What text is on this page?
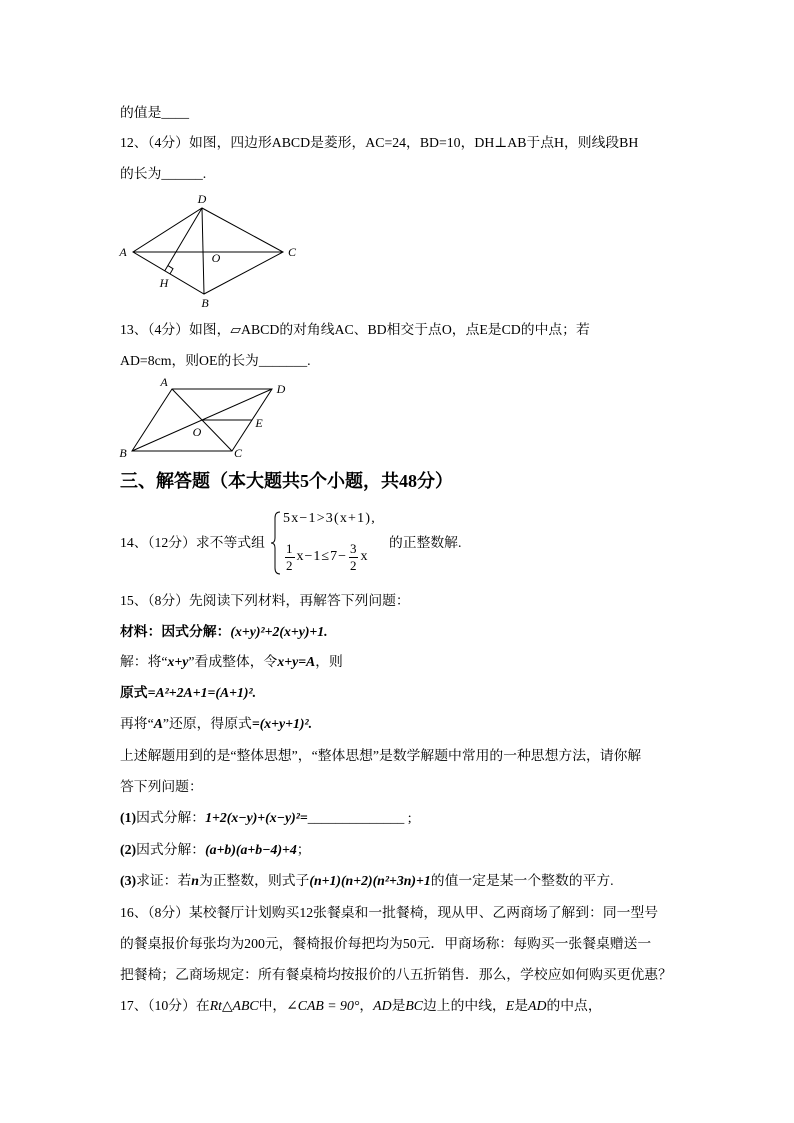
的值是____
12、（4分）如图，四边形ABCD是菱形，AC=24，BD=10，DH⊥AB于点H，则线段BH
的长为______.
D
A	O	C
H
B
13、（4分）如图，▱ABCD的对角线AC、BD相交于点O，点E是CD的中点；若
AD=8cm，则OE的长为_______.
A	D
O
E
B	C
三、解答题（本大题共5个小题，共48分）
14、（12分）求不等式组
5x−1>3(x+1),
$\frac{1}{2} x-1\le 7- \frac{3}{2}$ x
的正整数解.
15、（8分）先阅读下列材料，再解答下列问题：
材料：因式分解：(x+y)²+2(x+y)+1.
解：将“x+y”看成整体，令x+y=A，则
原式=A²+2A+1=(A+1)².
再将“A”还原，得原式=(x+y+1)².
上述解题用到的是“整体思想”，“整体思想”是数学解题中常用的一种思想方法，请你解
答下列问题：
(1)因式分解：1+2(x−y)+(x−y)²=______________ ;
(2)因式分解：(a+b)(a+b−4)+4；
(3)求证：若n为正整数，则式子(n+1)(n+2)(n²+3n)+1的值一定是某一个整数的平方.
16、（8分）某校餐厅计划购买12张餐桌和一批餐椅，现从甲、乙两商场了解到：同一型号
的餐桌报价每张均为200元，餐椅报价每把均为50元．甲商场称：每购买一张餐桌赠送一
把餐椅；乙商场规定：所有餐桌椅均按报价的八五折销售．那么，学校应如何购买更优惠？
17、（10分）在Rt△ABC中，∠CAB = 90°，AD是BC边上的中线，E是AD的中点，
